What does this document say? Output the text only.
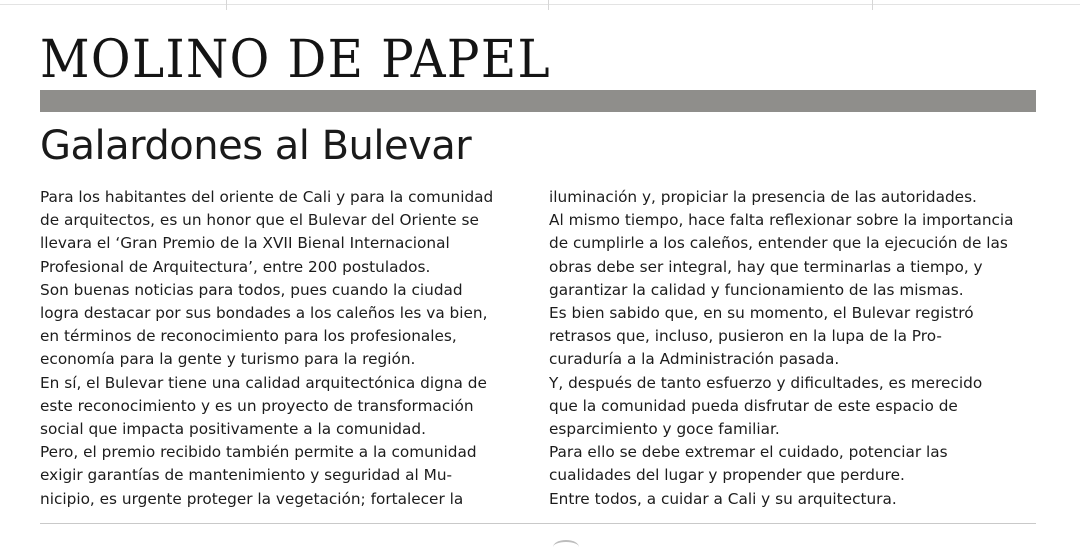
MOLINO DE PAPEL
Galardones al Bulevar
Para los habitantes del oriente de Cali y para la comunidad
de arquitectos, es un honor que el Bulevar del Oriente se
llevara el ‘Gran Premio de la XVII Bienal Internacional
Profesional de Arquitectura’, entre 200 postulados.
Son buenas noticias para todos, pues cuando la ciudad
logra destacar por sus bondades a los caleños les va bien,
en términos de reconocimiento para los profesionales,
economía para la gente y turismo para la región.
En sí, el Bulevar tiene una calidad arquitectónica digna de
este reconocimiento y es un proyecto de transformación
social que impacta positivamente a la comunidad.
Pero, el premio recibido también permite a la comunidad
exigir garantías de mantenimiento y seguridad al Mu-
nicipio, es urgente proteger la vegetación; fortalecer la
iluminación y, propiciar la presencia de las autoridades.
Al mismo tiempo, hace falta reflexionar sobre la importancia
de cumplirle a los caleños, entender que la ejecución de las
obras debe ser integral, hay que terminarlas a tiempo, y
garantizar la calidad y funcionamiento de las mismas.
Es bien sabido que, en su momento, el Bulevar registró
retrasos que, incluso, pusieron en la lupa de la Pro-
curaduría a la Administración pasada.
Y, después de tanto esfuerzo y dificultades, es merecido
que la comunidad pueda disfrutar de este espacio de
esparcimiento y goce familiar.
Para ello se debe extremar el cuidado, potenciar las
cualidades del lugar y propender que perdure.
Entre todos, a cuidar a Cali y su arquitectura.
